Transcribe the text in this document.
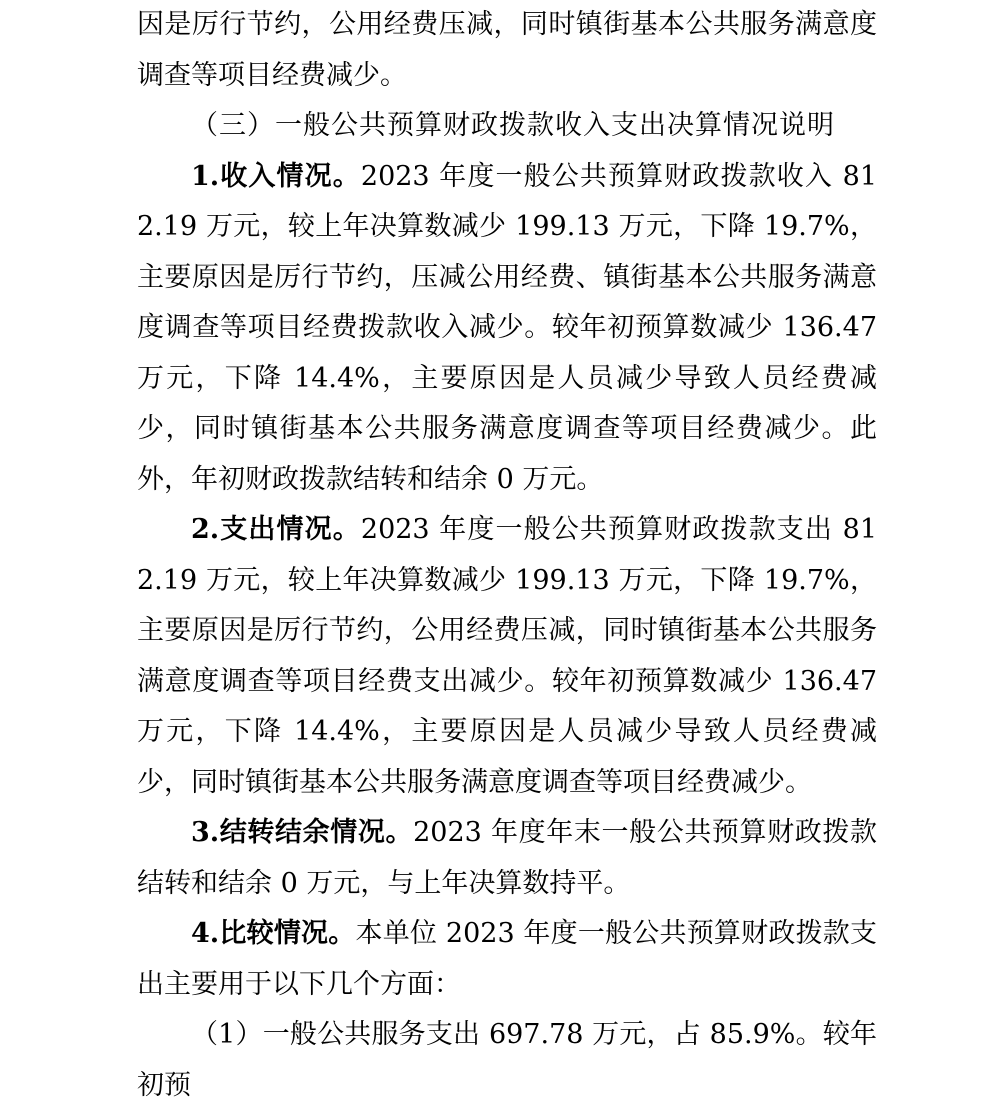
因是厉行节约，公用经费压减，同时镇街基本公共服务满意度调查等项目经费减少。

（三）一般公共预算财政拨款收入支出决算情况说明

1.收入情况。2023 年度一般公共预算财政拨款收入 812.19 万元，较上年决算数减少 199.13 万元，下降 19.7%，主要原因是厉行节约，压减公用经费、镇街基本公共服务满意度调查等项目经费拨款收入减少。较年初预算数减少 136.47 万元，下降 14.4%，主要原因是人员减少导致人员经费减少，同时镇街基本公共服务满意度调查等项目经费减少。此外，年初财政拨款结转和结余 0 万元。

2.支出情况。2023 年度一般公共预算财政拨款支出 812.19 万元，较上年决算数减少 199.13 万元，下降 19.7%，主要原因是厉行节约，公用经费压减，同时镇街基本公共服务满意度调查等项目经费支出减少。较年初预算数减少 136.47 万元，下降 14.4%，主要原因是人员减少导致人员经费减少，同时镇街基本公共服务满意度调查等项目经费减少。

3.结转结余情况。2023 年度年末一般公共预算财政拨款结转和结余 0 万元，与上年决算数持平。

4.比较情况。本单位 2023 年度一般公共预算财政拨款支出主要用于以下几个方面：

（1）一般公共服务支出 697.78 万元，占 85.9%。较年初预
